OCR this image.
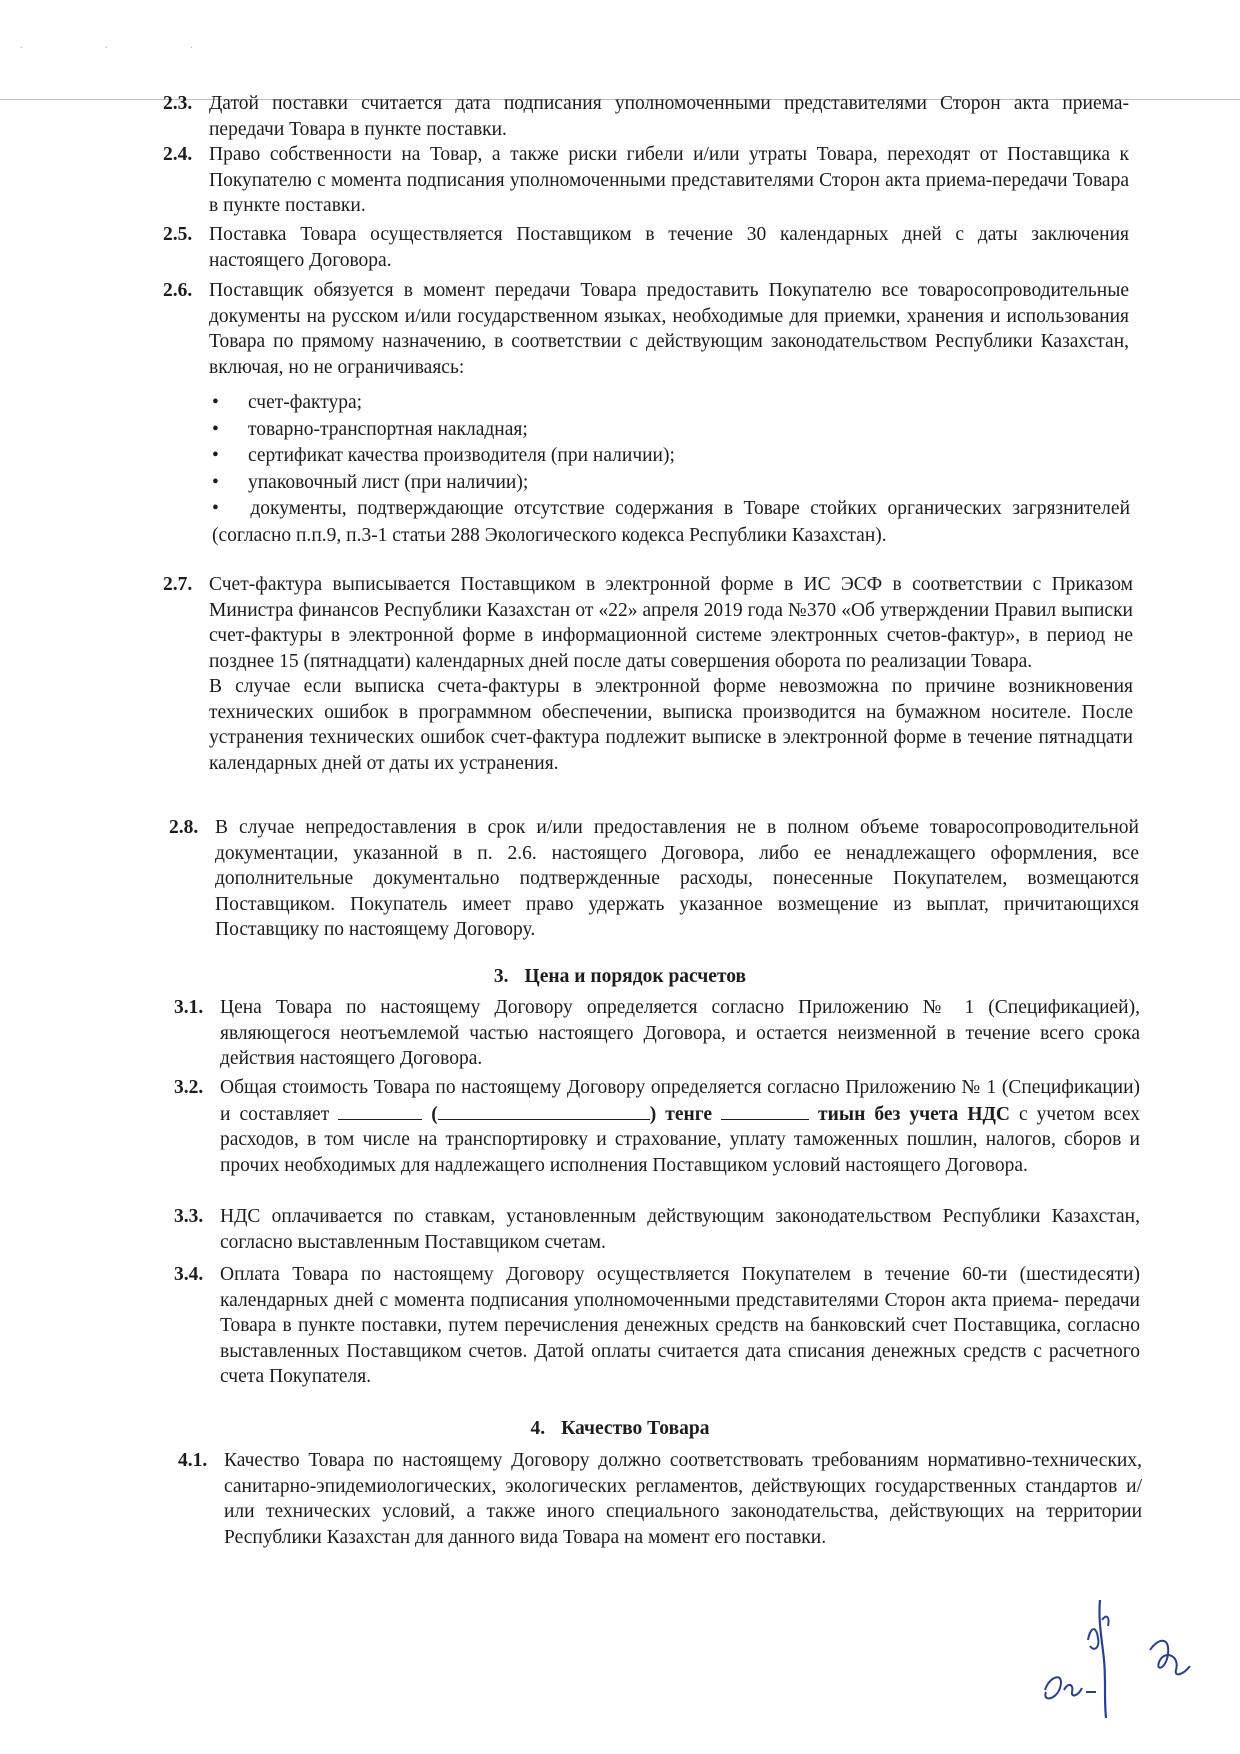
. . .
2.3. Датой поставки считается дата подписания уполномоченными представителями Сторон акта приема-передачи Товара в пункте поставки.
2.4. Право собственности на Товар, а также риски гибели и/или утраты Товара, переходят от Поставщика к Покупателю с момента подписания уполномоченными представителями Сторон акта приема-передачи Товара в пункте поставки.
2.5. Поставка Товара осуществляется Поставщиком в течение 30 календарных дней с даты заключения настоящего Договора.
2.6. Поставщик обязуется в момент передачи Товара предоставить Покупателю все товаросопроводительные документы на русском и/или государственном языках, необходимые для приемки, хранения и использования Товара по прямому назначению, в соответствии с действующим законодательством Республики Казахстан, включая, но не ограничиваясь:
• счет-фактура;
• товарно-транспортная накладная;
• сертификат качества производителя (при наличии);
• упаковочный лист (при наличии);
• документы, подтверждающие отсутствие содержания в Товаре стойких органических загрязнителей (согласно п.п.9, п.3-1 статьи 288 Экологического кодекса Республики Казахстан).
2.7. Счет-фактура выписывается Поставщиком в электронной форме в ИС ЭСФ в соответствии с Приказом Министра финансов Республики Казахстан от «22» апреля 2019 года №370 «Об утверждении Правил выписки счет-фактуры в электронной форме в информационной системе электронных счетов-фактур», в период не позднее 15 (пятнадцати) календарных дней после даты совершения оборота по реализации Товара.
В случае если выписка счета-фактуры в электронной форме невозможна по причине возникновения технических ошибок в программном обеспечении, выписка производится на бумажном носителе. После устранения технических ошибок счет-фактура подлежит выписке в электронной форме в течение пятнадцати календарных дней от даты их устранения.
2.8. В случае непредоставления в срок и/или предоставления не в полном объеме товаросопроводительной документации, указанной в п. 2.6. настоящего Договора, либо ее ненадлежащего оформления, все дополнительные документально подтвержденные расходы, понесенные Покупателем, возмещаются Поставщиком. Покупатель имеет право удержать указанное возмещение из выплат, причитающихся Поставщику по настоящему Договору.
3. Цена и порядок расчетов
3.1. Цена Товара по настоящему Договору определяется согласно Приложению № 1 (Спецификацией), являющегося неотъемлемой частью настоящего Договора, и остается неизменной в течение всего срока действия настоящего Договора.
3.2. Общая стоимость Товара по настоящему Договору определяется согласно Приложению № 1 (Спецификации) и составляет	(	) тенге	тиын без учета НДС с учетом всех расходов, в том числе на транспортировку и страхование, уплату таможенных пошлин, налогов, сборов и прочих необходимых для надлежащего исполнения Поставщиком условий настоящего Договора.
3.3. НДС оплачивается по ставкам, установленным действующим законодательством Республики Казахстан, согласно выставленным Поставщиком счетам.
3.4. Оплата Товара по настоящему Договору осуществляется Покупателем в течение 60-ти (шестидесяти) календарных дней с момента подписания уполномоченными представителями Сторон акта приема- передачи Товара в пункте поставки, путем перечисления денежных средств на банковский счет Поставщика, согласно выставленных Поставщиком счетов. Датой оплаты считается дата списания денежных средств с расчетного счета Покупателя.
4. Качество Товара
4.1. Качество Товара по настоящему Договору должно соответствовать требованиям нормативно-технических, санитарно-эпидемиологических, экологических регламентов, действующих государственных стандартов и/или технических условий, а также иного специального законодательства, действующих на территории Республики Казахстан для данного вида Товара на момент его поставки.
